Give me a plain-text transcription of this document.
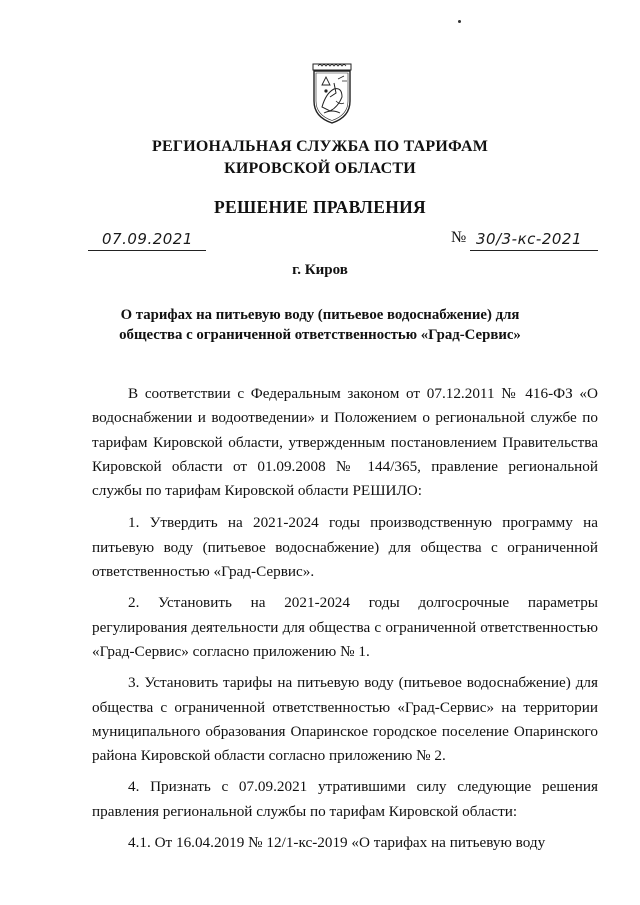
РЕГИОНАЛЬНАЯ СЛУЖБА ПО ТАРИФАМ
КИРОВСКОЙ ОБЛАСТИ
РЕШЕНИЕ ПРАВЛЕНИЯ
07.09.2021	№ 30/3-кс-2021
г. Киров
О тарифах на питьевую воду (питьевое водоснабжение) для
общества с ограниченной ответственностью «Град-Сервис»

В соответствии с Федеральным законом от 07.12.2011 № 416-ФЗ «О водоснабжении и водоотведении» и Положением о региональной службе по тарифам Кировской области, утвержденным постановлением Правительства Кировской области от 01.09.2008 № 144/365, правление региональной службы по тарифам Кировской области РЕШИЛО:

1. Утвердить на 2021-2024 годы производственную программу на питьевую воду (питьевое водоснабжение) для общества с ограниченной ответственностью «Град-Сервис».

2. Установить на 2021-2024 годы долгосрочные параметры регулирования деятельности для общества с ограниченной ответственностью «Град-Сервис» согласно приложению № 1.

3. Установить тарифы на питьевую воду (питьевое водоснабжение) для общества с ограниченной ответственностью «Град-Сервис» на территории муниципального образования Опаринское городское поселение Опаринского района Кировской области согласно приложению № 2.

4. Признать с 07.09.2021 утратившими силу следующие решения правления региональной службы по тарифам Кировской области:

4.1. От 16.04.2019 № 12/1-кс-2019 «О тарифах на питьевую воду
